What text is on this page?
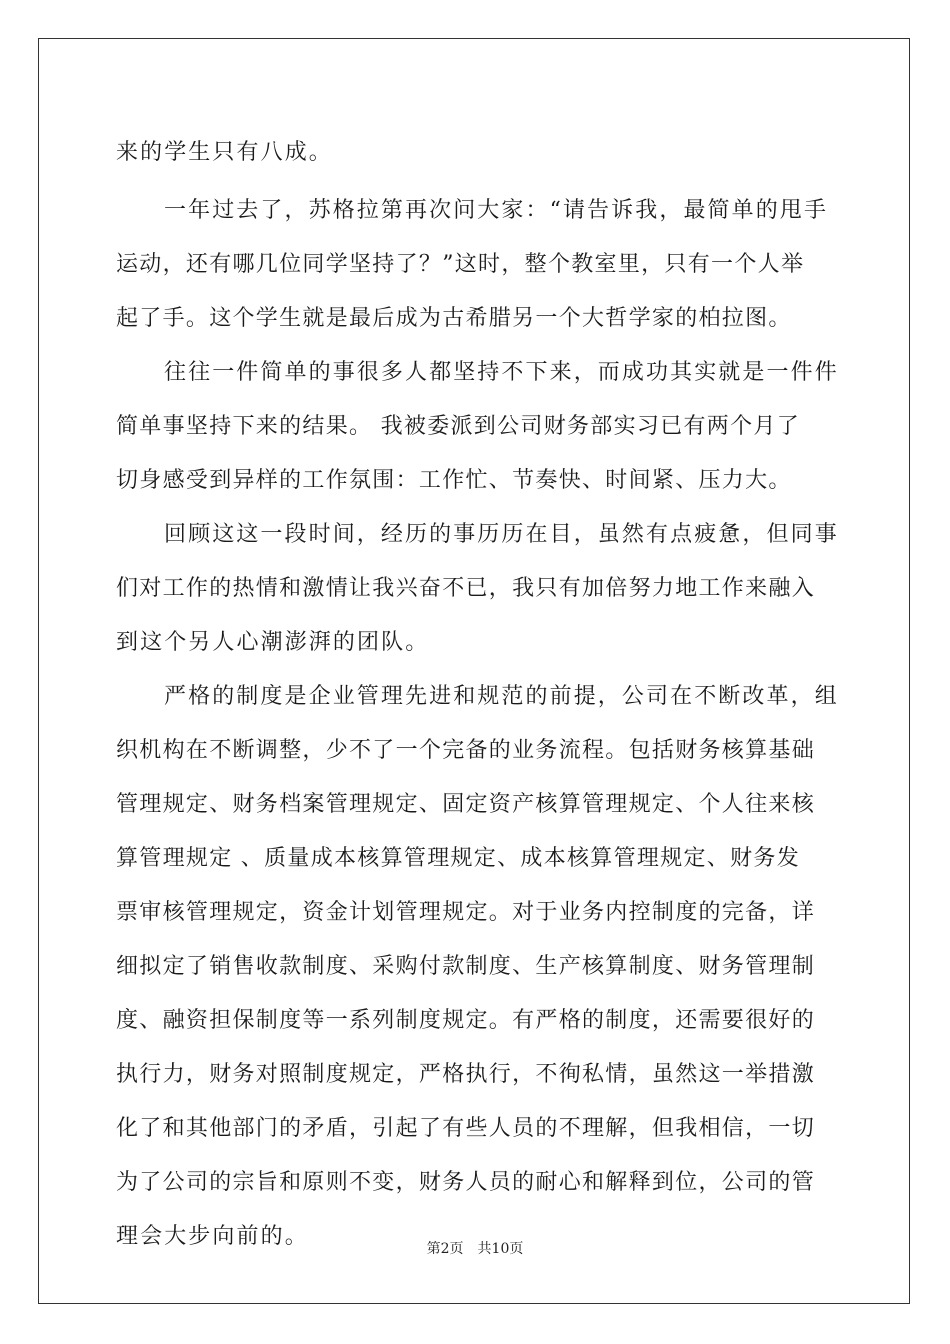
来的学生只有八成。
一年过去了，苏格拉第再次问大家：“请告诉我，最简单的甩手
运动，还有哪几位同学坚持了？”这时，整个教室里，只有一个人举
起了手。这个学生就是最后成为古希腊另一个大哲学家的柏拉图。
往往一件简单的事很多人都坚持不下来，而成功其实就是一件件
简单事坚持下来的结果。 我被委派到公司财务部实习已有两个月了
切身感受到异样的工作氛围：工作忙、节奏快、时间紧、压力大。
回顾这这一段时间，经历的事历历在目，虽然有点疲惫，但同事
们对工作的热情和激情让我兴奋不已，我只有加倍努力地工作来融入
到这个另人心潮澎湃的团队。
严格的制度是企业管理先进和规范的前提，公司在不断改革，组
织机构在不断调整，少不了一个完备的业务流程。包括财务核算基础
管理规定、财务档案管理规定、固定资产核算管理规定、个人往来核
算管理规定 、质量成本核算管理规定、成本核算管理规定、财务发
票审核管理规定，资金计划管理规定。对于业务内控制度的完备，详
细拟定了销售收款制度、采购付款制度、生产核算制度、财务管理制
度、融资担保制度等一系列制度规定。有严格的制度，还需要很好的
执行力，财务对照制度规定，严格执行，不徇私情，虽然这一举措激
化了和其他部门的矛盾，引起了有些人员的不理解，但我相信，一切
为了公司的宗旨和原则不变，财务人员的耐心和解释到位，公司的管
理会大步向前的。	第2页　共10页
